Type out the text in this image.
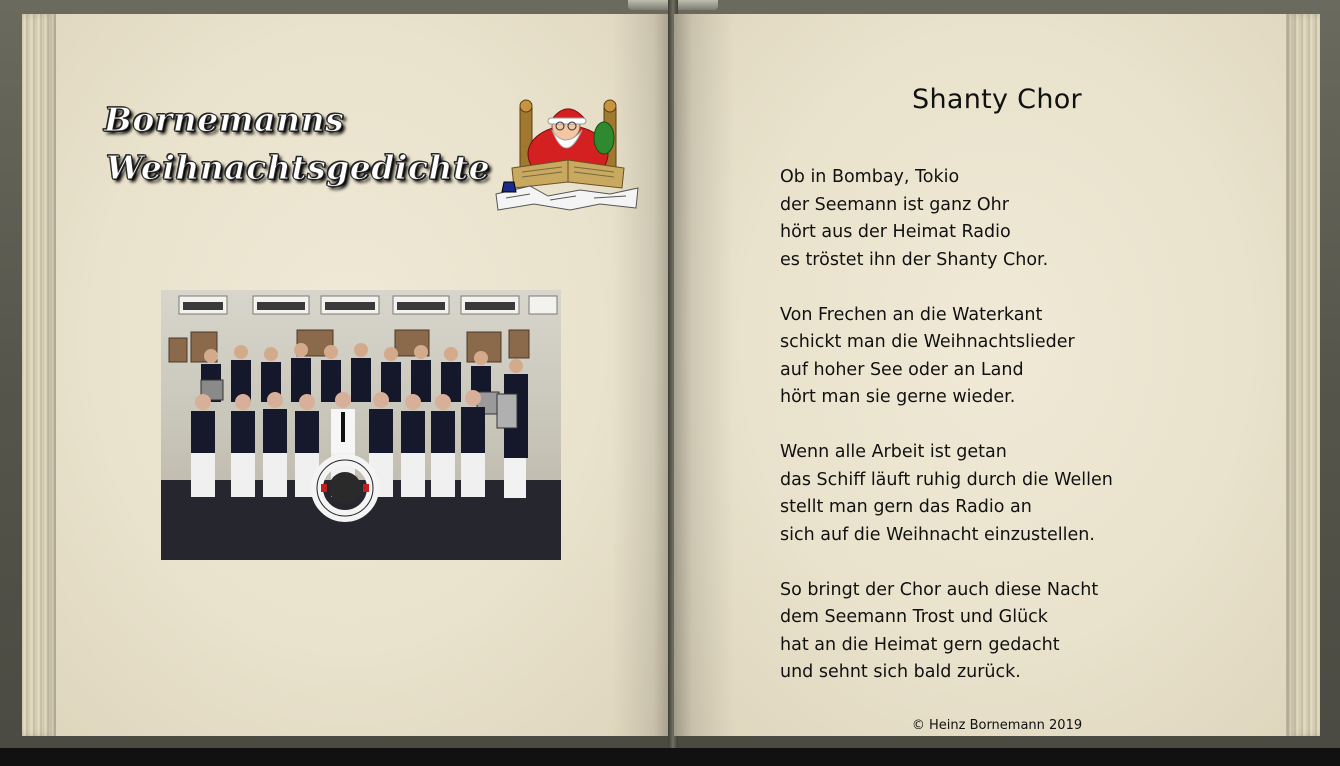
Shanty Chor
Ob in Bombay, Tokio
der Seemann ist ganz Ohr
hört aus der Heimat Radio
es tröstet ihn der Shanty Chor.
Von Frechen an die Waterkant
schickt man die Weihnachtslieder
auf hoher See oder an Land
hört man sie gerne wieder.
Wenn alle Arbeit ist getan
das Schiff läuft ruhig durch die Wellen
stellt man gern das Radio an
sich auf die Weihnacht einzustellen.
So bringt der Chor auch diese Nacht
dem Seemann Trost und Glück
hat an die Heimat gern gedacht
und sehnt sich bald zurück.
© Heinz Bornemann 2019
Bornemanns
Weihnachtsgedichte
